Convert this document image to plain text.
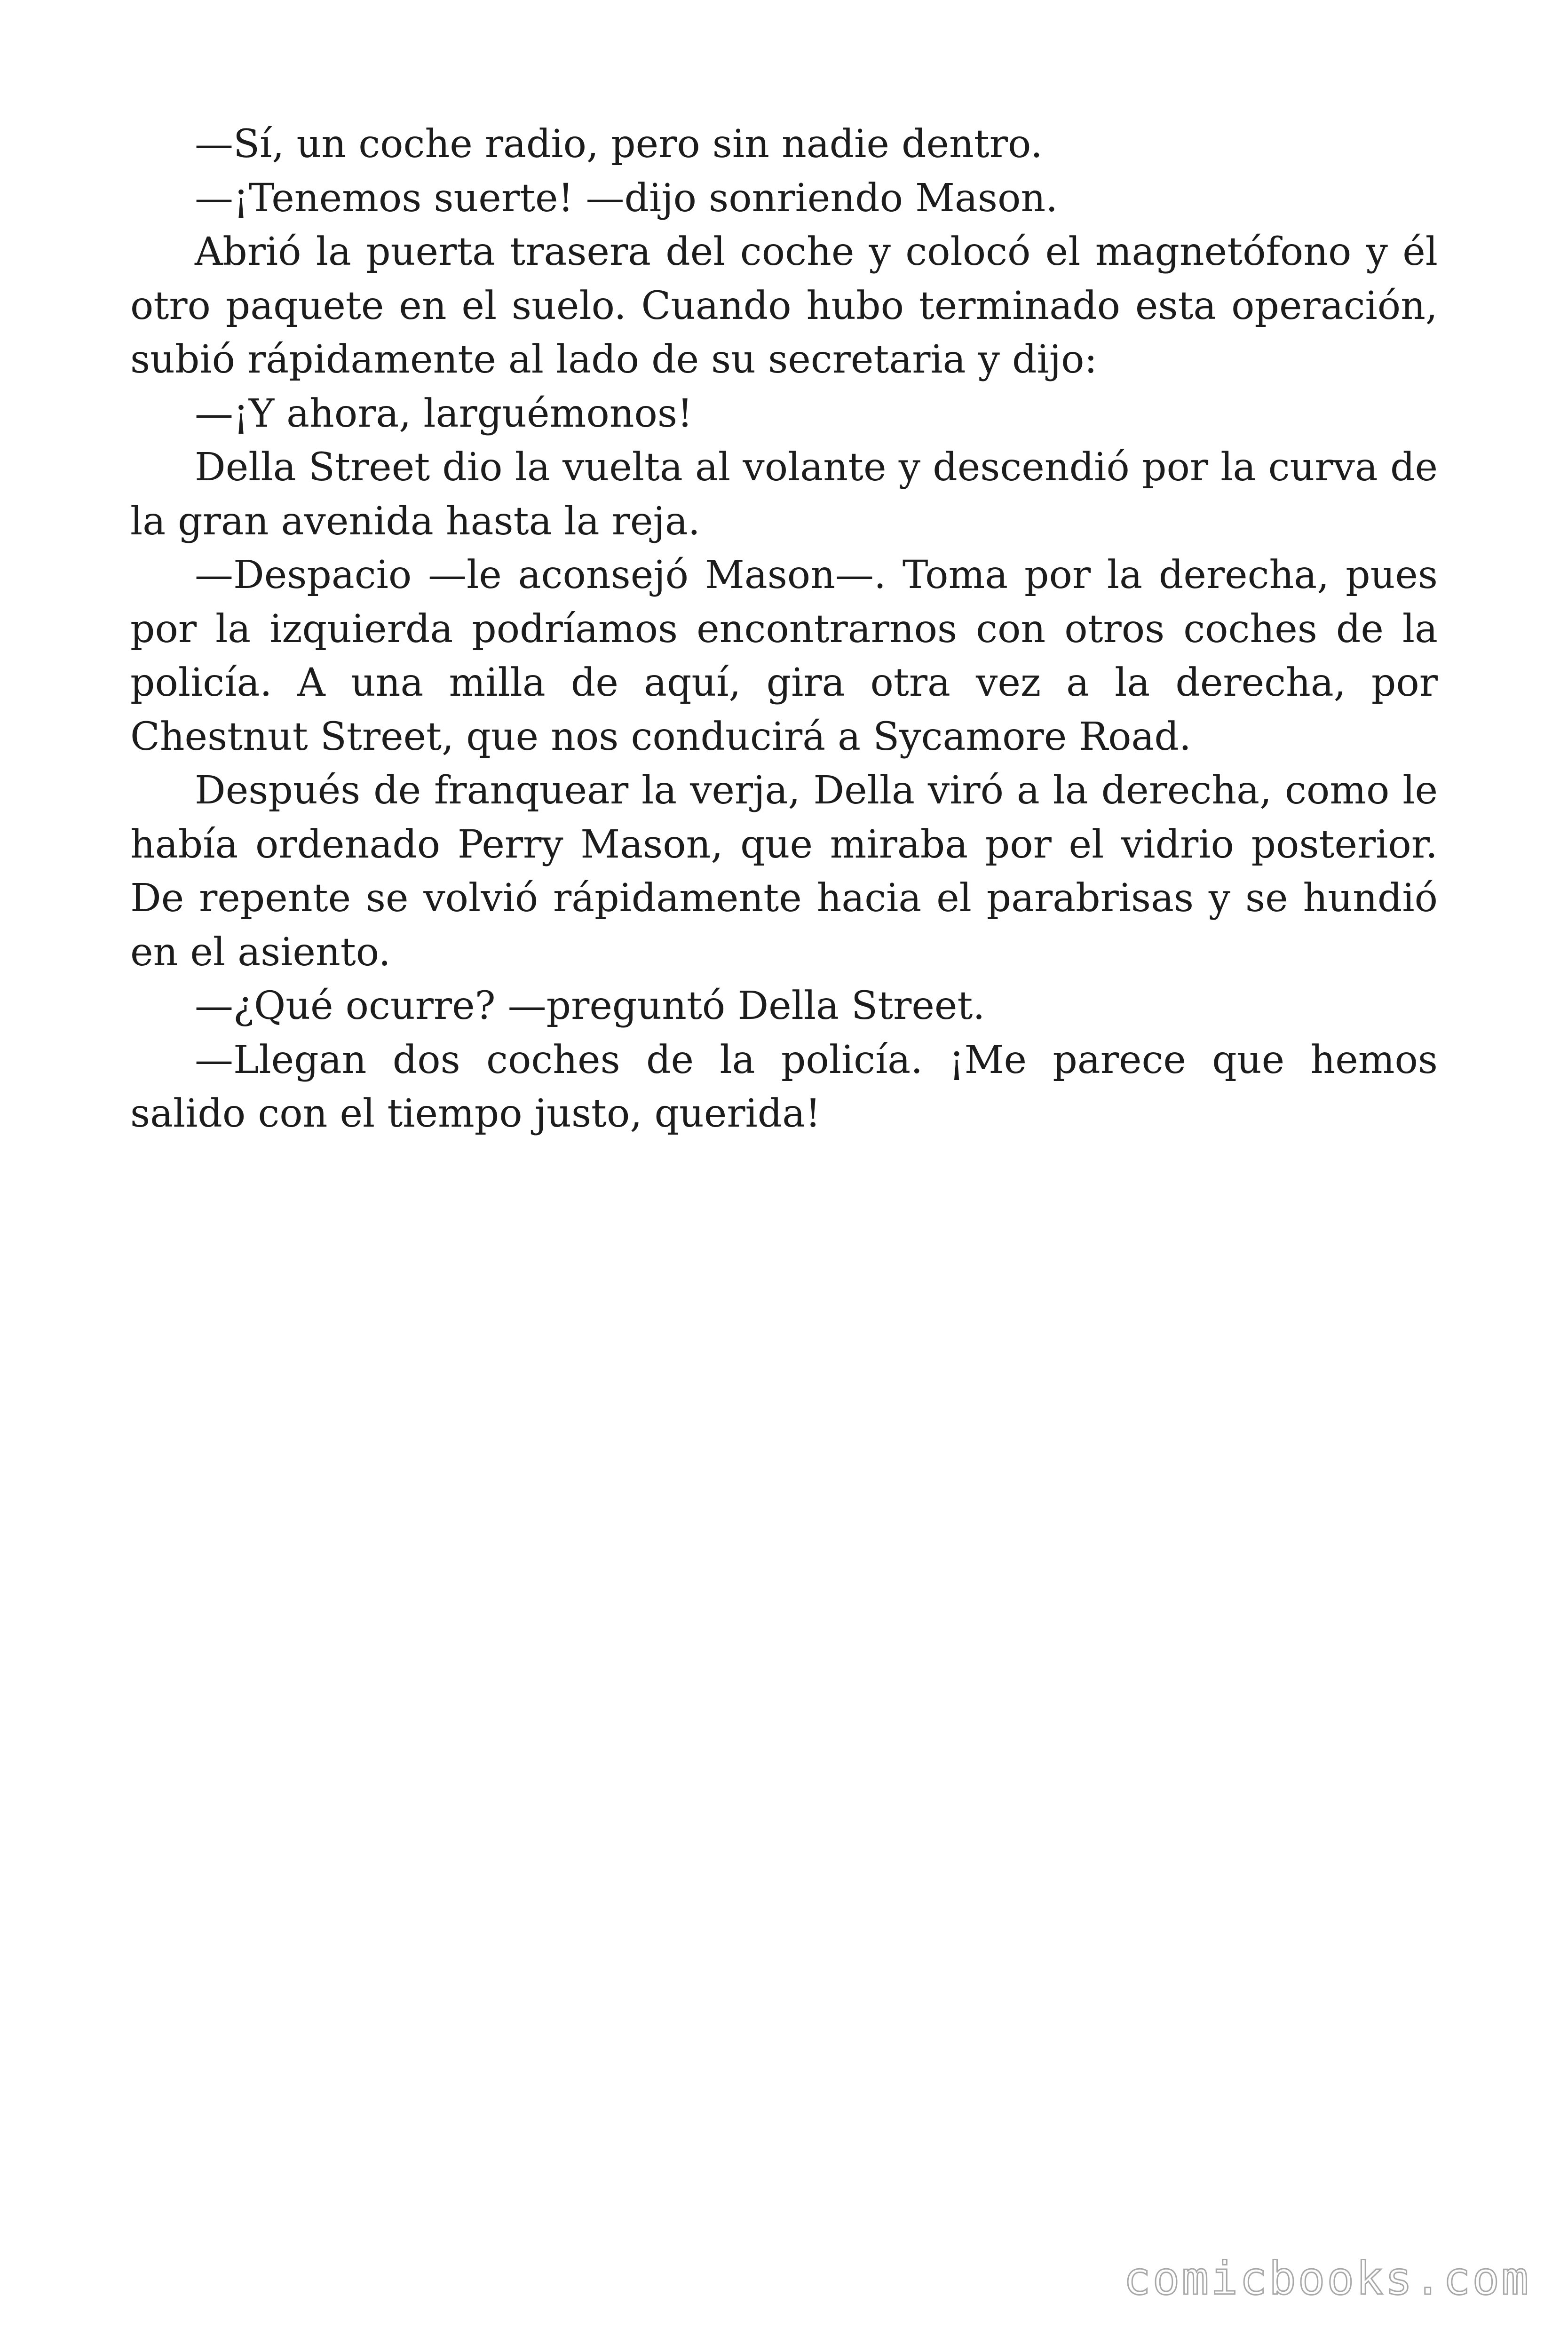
—Sí, un coche radio, pero sin nadie dentro.

—¡Tenemos suerte! —dijo sonriendo Mason.

Abrió la puerta trasera del coche y colocó el magnetófono y él otro paquete en el suelo. Cuando hubo terminado esta operación, subió rápidamente al lado de su secretaria y dijo:

—¡Y ahora, larguémonos!

Della Street dio la vuelta al volante y descendió por la curva de la gran avenida hasta la reja.

—Despacio —le aconsejó Mason—. Toma por la derecha, pues por la izquierda podríamos encontrarnos con otros coches de la policía. A una milla de aquí, gira otra vez a la derecha, por Chestnut Street, que nos conducirá a Sycamore Road.

Después de franquear la verja, Della viró a la derecha, como le había ordenado Perry Mason, que miraba por el vidrio posterior. De repente se volvió rápidamente hacia el parabrisas y se hundió en el asiento.

—¿Qué ocurre? —preguntó Della Street.

—Llegan dos coches de la policía. ¡Me parece que hemos salido con el tiempo justo, querida!

comicbooks.com
